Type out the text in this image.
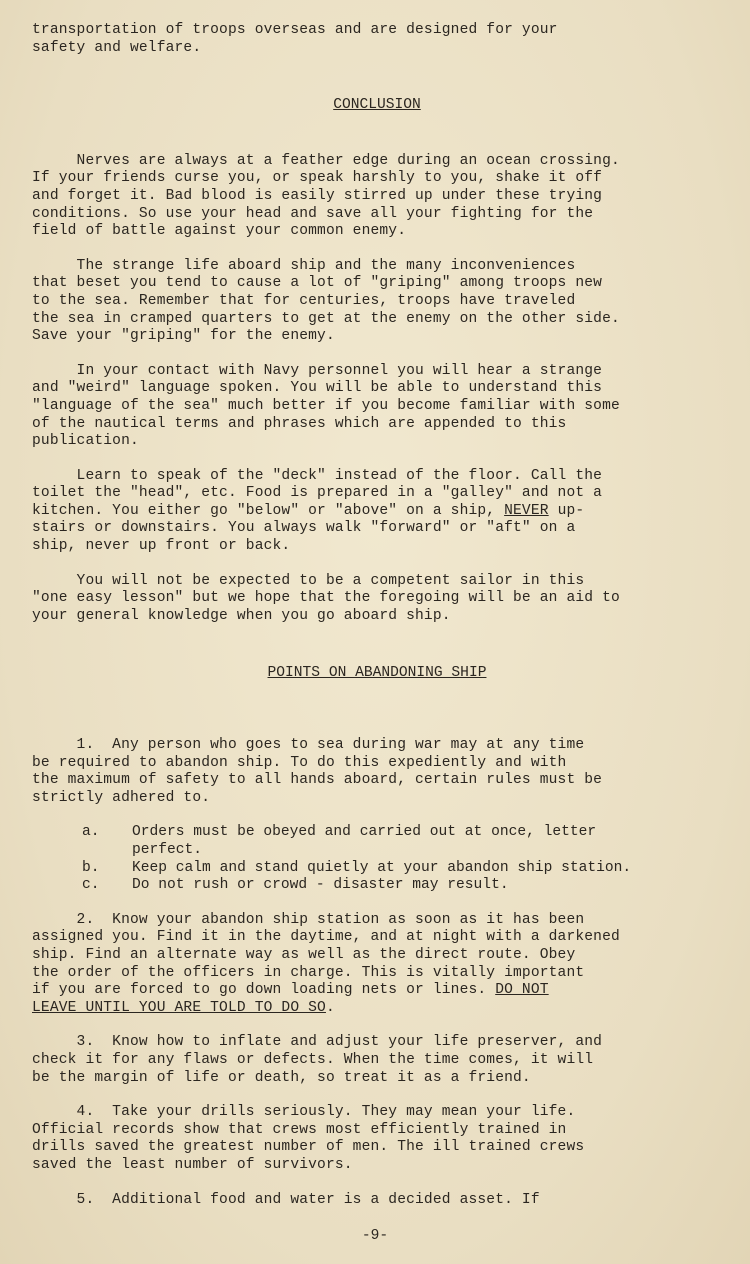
transportation of troops overseas and are designed for your

safety and welfare.

CONCLUSION

Nerves are always at a feather edge during an ocean crossing.

If your friends curse you, or speak harshly to you, shake it off

and forget it. Bad blood is easily stirred up under these trying

conditions. So use your head and save all your fighting for the

field of battle against your common enemy.

The strange life aboard ship and the many inconveniences

that beset you tend to cause a lot of "griping" among troops new

to the sea. Remember that for centuries, troops have traveled

the sea in cramped quarters to get at the enemy on the other side.

Save your "griping" for the enemy.

In your contact with Navy personnel you will hear a strange

and "weird" language spoken. You will be able to understand this

"language of the sea" much better if you become familiar with some

of the nautical terms and phrases which are appended to this

publication.

Learn to speak of the "deck" instead of the floor. Call the

toilet the "head", etc. Food is prepared in a "galley" and not a

kitchen. You either go "below" or "above" on a ship, NEVER up-

stairs or downstairs. You always walk "forward" or "aft" on a

ship, never up front or back.

You will not be expected to be a competent sailor in this

"one easy lesson" but we hope that the foregoing will be an aid to

your general knowledge when you go aboard ship.

POINTS ON ABANDONING SHIP

1.  Any person who goes to sea during war may at any time

be required to abandon ship. To do this expediently and with

the maximum of safety to all hands aboard, certain rules must be

strictly adhered to.

a.	Orders must be obeyed and carried out at once, letter
perfect.
b.	Keep calm and stand quietly at your abandon ship station.
c.	Do not rush or crowd - disaster may result.

2.  Know your abandon ship station as soon as it has been

assigned you. Find it in the daytime, and at night with a darkened

ship. Find an alternate way as well as the direct route. Obey

the order of the officers in charge. This is vitally important

if you are forced to go down loading nets or lines. DO NOT

LEAVE UNTIL YOU ARE TOLD TO DO SO.

3.  Know how to inflate and adjust your life preserver, and

check it for any flaws or defects. When the time comes, it will

be the margin of life or death, so treat it as a friend.

4.  Take your drills seriously. They may mean your life.

Official records show that crews most efficiently trained in

drills saved the greatest number of men. The ill trained crews

saved the least number of survivors.

5.  Additional food and water is a decided asset. If

-9-
